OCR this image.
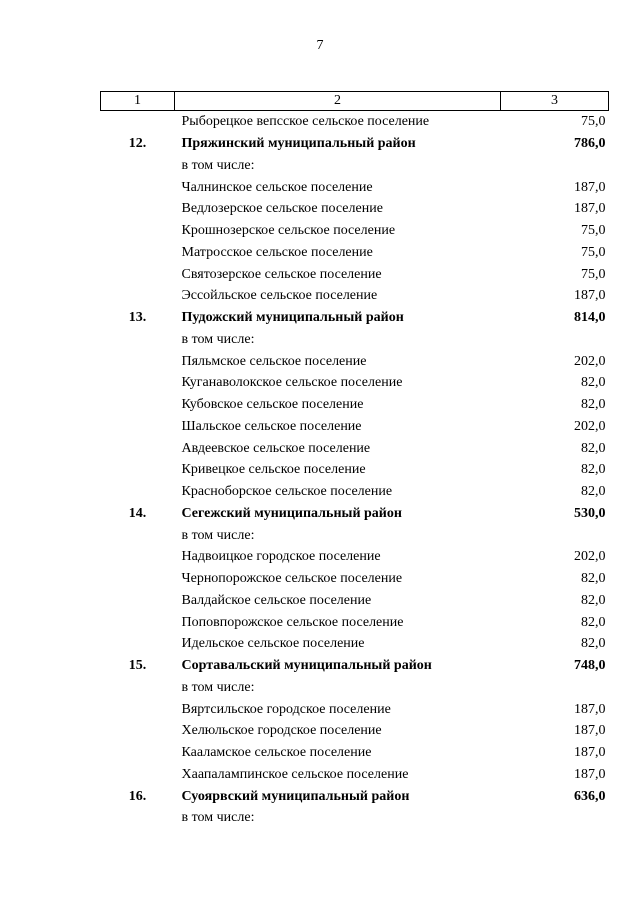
7
1	2	3
	Рыборецкое вепсское сельское поселение	75,0
12.	Пряжинский муниципальный район	786,0
	в том числе:	
	Чалнинское сельское поселение	187,0
	Ведлозерское сельское поселение	187,0
	Крошнозерское сельское поселение	75,0
	Матросское сельское поселение	75,0
	Святозерское сельское поселение	75,0
	Эссойльское сельское поселение	187,0
13.	Пудожский муниципальный район	814,0
	в том числе:	
	Пяльмское сельское поселение	202,0
	Куганаволокское сельское поселение	82,0
	Кубовское сельское поселение	82,0
	Шальское сельское поселение	202,0
	Авдеевское сельское поселение	82,0
	Кривецкое сельское поселение	82,0
	Красноборское сельское поселение	82,0
14.	Сегежский муниципальный район	530,0
	в том числе:	
	Надвоицкое городское поселение	202,0
	Чернопорожское сельское поселение	82,0
	Валдайское сельское поселение	82,0
	Поповпорожское сельское поселение	82,0
	Идельское сельское поселение	82,0
15.	Сортавальский муниципальный район	748,0
	в том числе:	
	Вяртсильское городское поселение	187,0
	Хелюльское городское поселение	187,0
	Кааламское сельское поселение	187,0
	Хаапалампинское сельское поселение	187,0
16.	Суоярвский муниципальный район	636,0
	в том числе:	
